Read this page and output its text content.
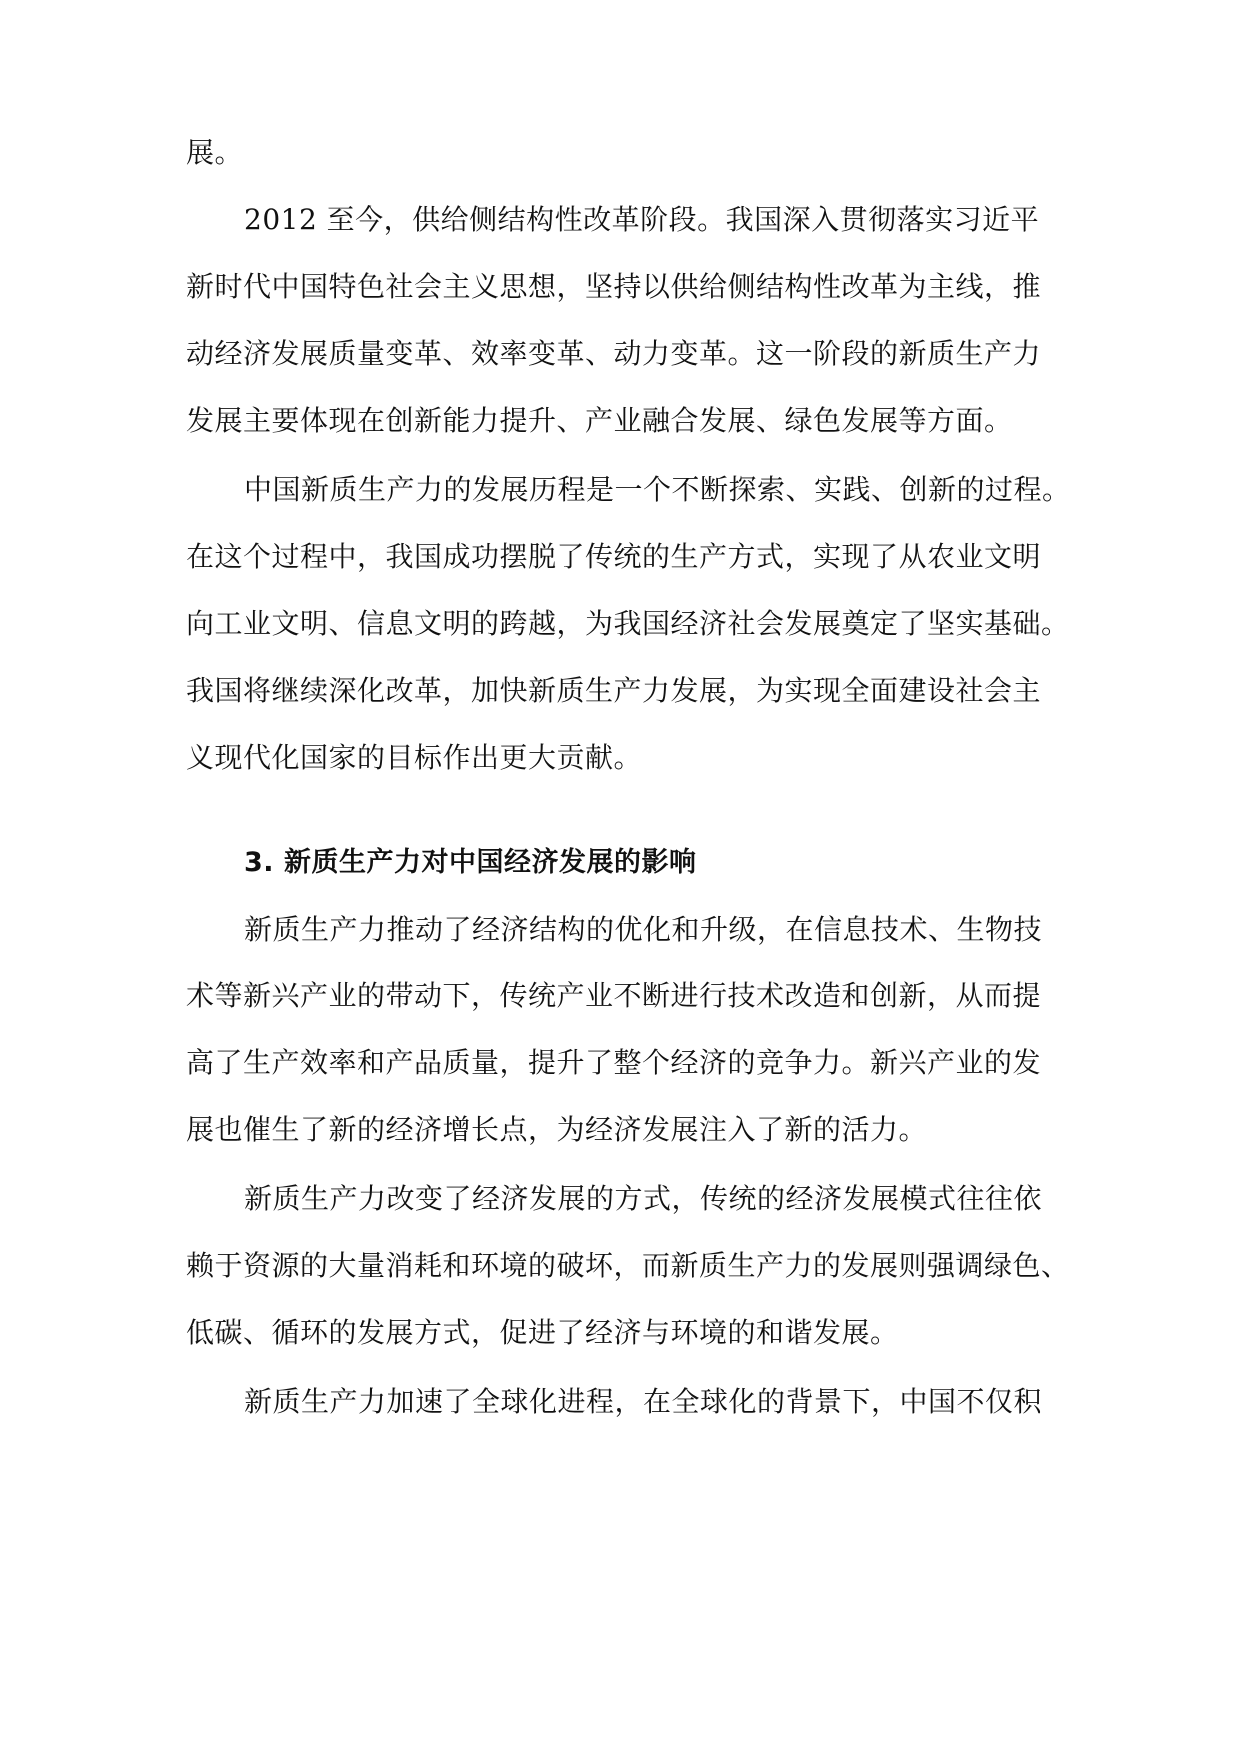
展。
2012 至今，供给侧结构性改革阶段。我国深入贯彻落实习近平
新时代中国特色社会主义思想，坚持以供给侧结构性改革为主线，推
动经济发展质量变革、效率变革、动力变革。这一阶段的新质生产力
发展主要体现在创新能力提升、产业融合发展、绿色发展等方面。
中国新质生产力的发展历程是一个不断探索、实践、创新的过程。
在这个过程中，我国成功摆脱了传统的生产方式，实现了从农业文明
向工业文明、信息文明的跨越，为我国经济社会发展奠定了坚实基础。
我国将继续深化改革，加快新质生产力发展，为实现全面建设社会主
义现代化国家的目标作出更大贡献。
3. 新质生产力对中国经济发展的影响
新质生产力推动了经济结构的优化和升级，在信息技术、生物技
术等新兴产业的带动下，传统产业不断进行技术改造和创新，从而提
高了生产效率和产品质量，提升了整个经济的竞争力。新兴产业的发
展也催生了新的经济增长点，为经济发展注入了新的活力。
新质生产力改变了经济发展的方式，传统的经济发展模式往往依
赖于资源的大量消耗和环境的破坏，而新质生产力的发展则强调绿色、
低碳、循环的发展方式，促进了经济与环境的和谐发展。
新质生产力加速了全球化进程，在全球化的背景下，中国不仅积
